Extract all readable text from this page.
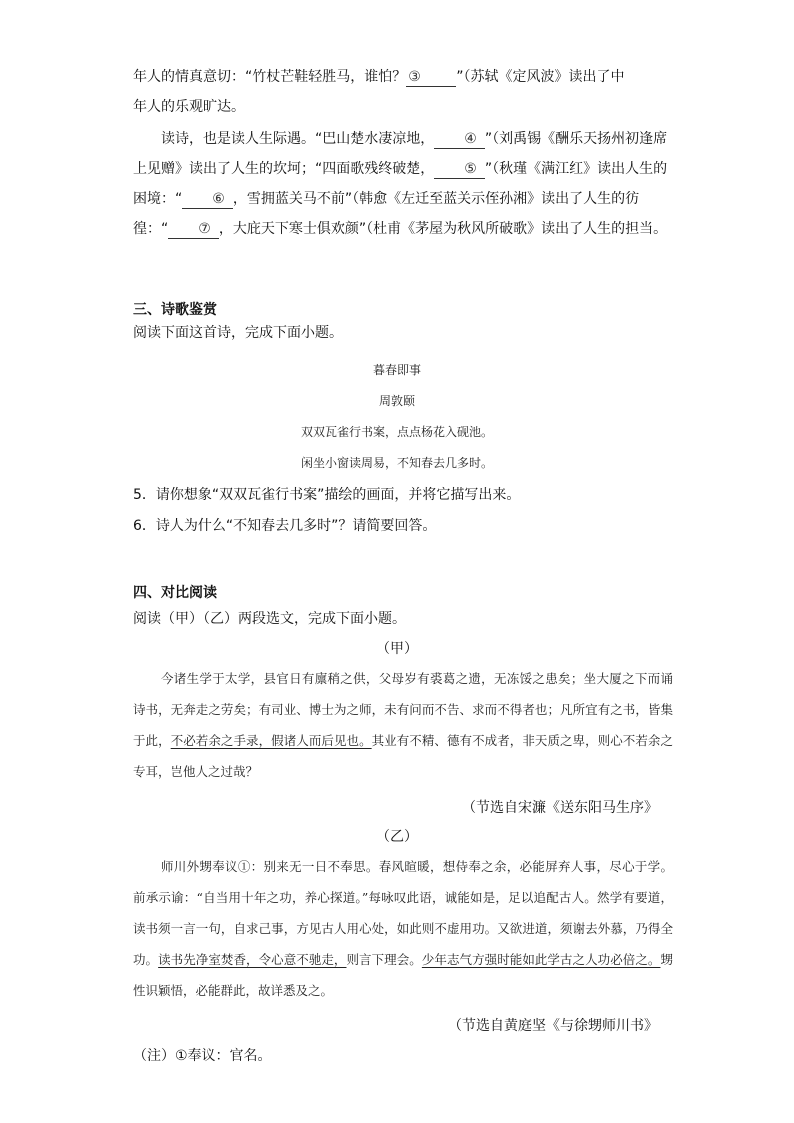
年人的情真意切：“竹杖芒鞋轻胜马，谁怕？ ③	”（苏轼《定风波》读出了中
年人的乐观旷达。

读诗，也是读人生际遇。“巴山楚水凄凉地， ④ ”（刘禹锡《酬乐天扬州初逢席上见赠》读出了人生的坎坷；“四面歌残终破楚， ⑤ ”（秋瑾《满江红》读出人生的困境：“ ⑥ ，雪拥蓝关马不前”（韩愈《左迁至蓝关示侄孙湘》读出了人生的彷徨：“ ⑦ ，大庇天下寒士俱欢颜”（杜甫《茅屋为秋风所破歌》读出了人生的担当。

三、诗歌鉴赏

阅读下面这首诗，完成下面小题。

暮春即事

周敦颐

双双瓦雀行书案，点点杨花入砚池。

闲坐小窗读周易，不知春去几多时。

5．请你想象“双双瓦雀行书案”描绘的画面，并将它描写出来。

6．诗人为什么“不知春去几多时”？请简要回答。

四、对比阅读

阅读（甲）（乙）两段选文，完成下面小题。

（甲）

今诸生学于太学，县官日有廪稍之供，父母岁有裘葛之遗，无冻馁之患矣；坐大厦之下而诵诗书，无奔走之劳矣；有司业、博士为之师，未有问而不告、求而不得者也；凡所宜有之书，皆集于此，不必若余之手录，假诸人而后见也。其业有不精、德有不成者，非天质之卑，则心不若余之专耳，岂他人之过哉？

（节选自宋濂《送东阳马生序》

（乙）

师川外甥奉议①：别来无一日不奉思。春风暄暖，想侍奉之余，必能屏弃人事，尽心于学。前承示谕：“自当用十年之功，养心探道。”每咏叹此语，诚能如是，足以追配古人。然学有要道，读书须一言一句，自求己事，方见古人用心处，如此则不虚用功。又欲进道，须谢去外慕，乃得全功。读书先净室焚香，令心意不驰走，则言下理会。少年志气方强时能如此学古之人功必倍之。甥性识颖悟，必能群此，故详悉及之。

（节选自黄庭坚《与徐甥师川书》

（注）①奉议：官名。
